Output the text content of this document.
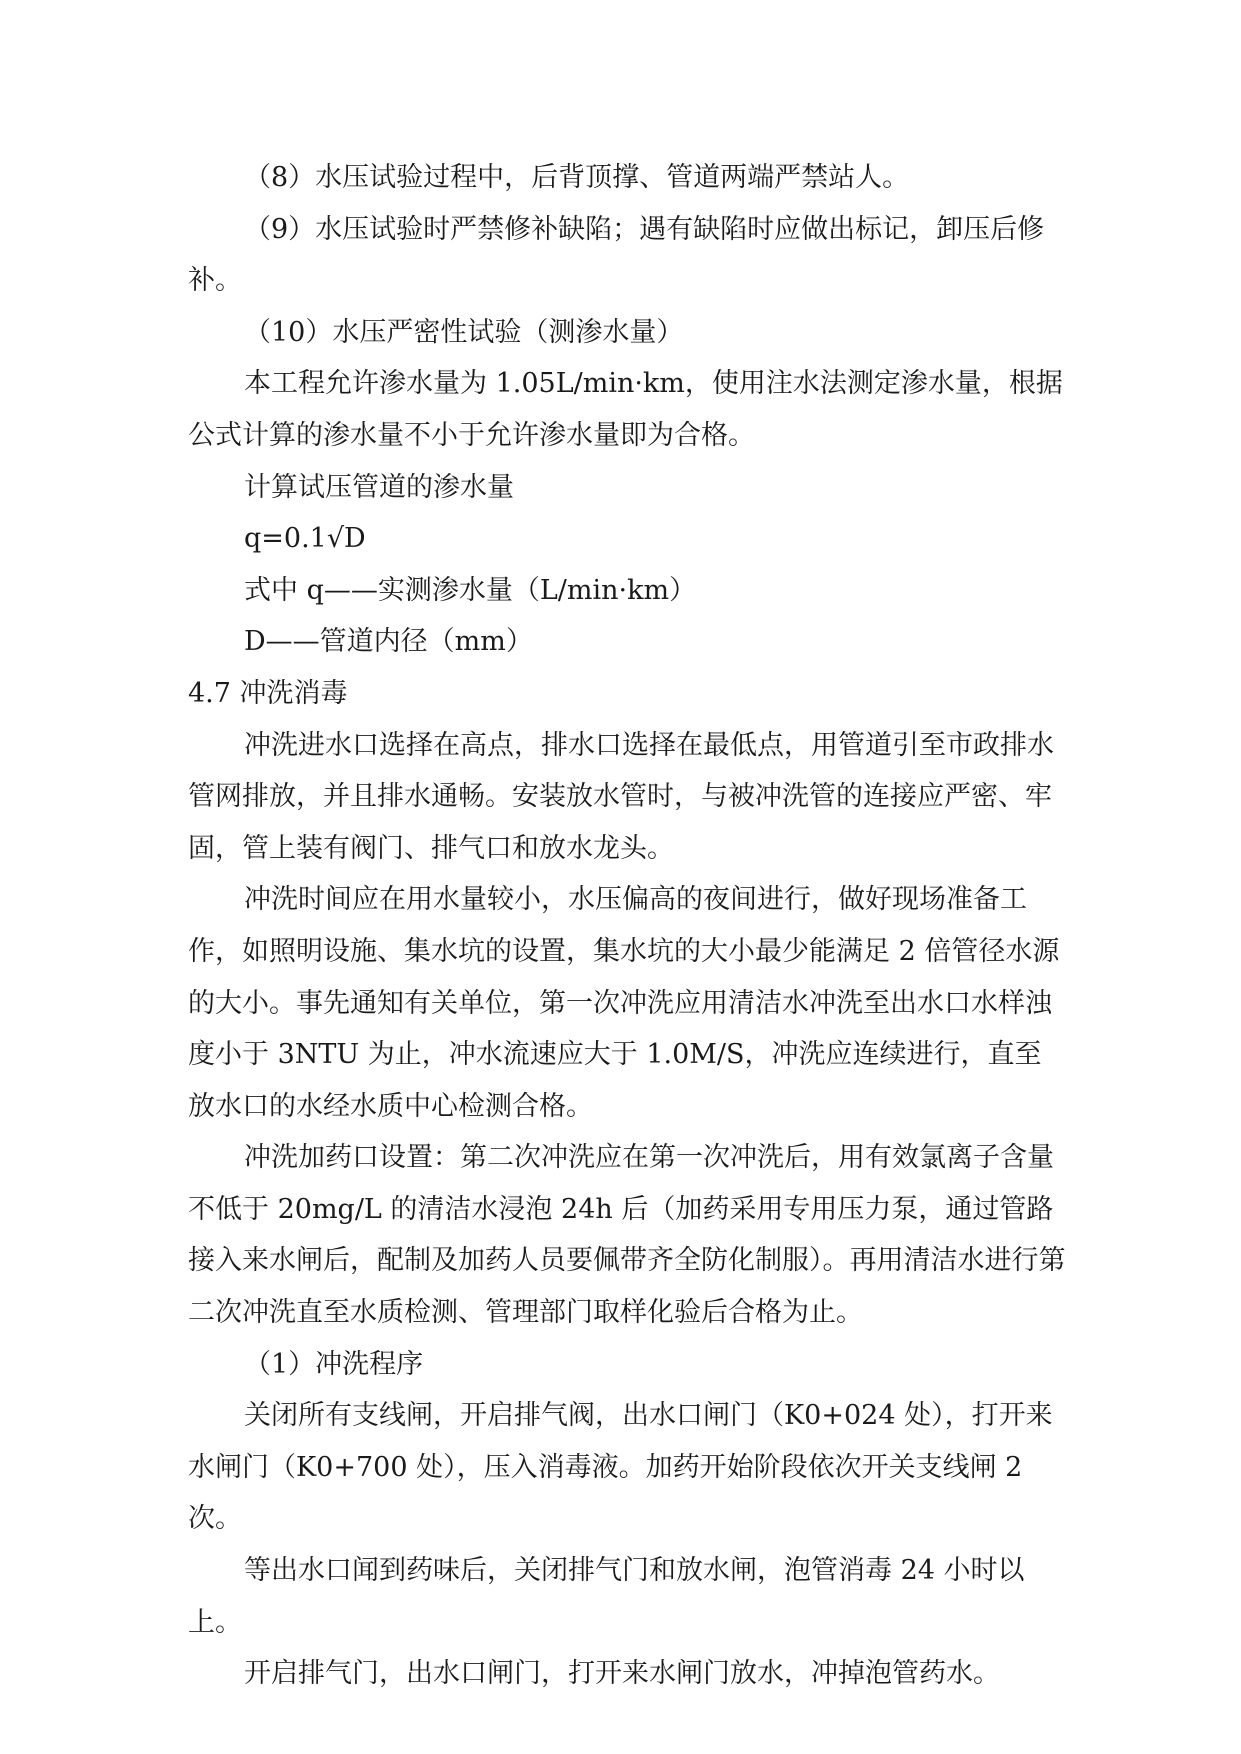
（8）水压试验过程中，后背顶撑、管道两端严禁站人。

（9）水压试验时严禁修补缺陷；遇有缺陷时应做出标记，卸压后修补。

（10）水压严密性试验（测渗水量）

本工程允许渗水量为 1.05L/min·km，使用注水法测定渗水量，根据公式计算的渗水量不小于允许渗水量即为合格。

计算试压管道的渗水量

q=0.1√D

式中 q——实测渗水量（L/min·km）

D——管道内径（mm）

4.7 冲洗消毒

冲洗进水口选择在高点，排水口选择在最低点，用管道引至市政排水管网排放，并且排水通畅。安装放水管时，与被冲洗管的连接应严密、牢固，管上装有阀门、排气口和放水龙头。

冲洗时间应在用水量较小，水压偏高的夜间进行，做好现场准备工作，如照明设施、集水坑的设置，集水坑的大小最少能满足 2 倍管径水源的大小。事先通知有关单位，第一次冲洗应用清洁水冲洗至出水口水样浊度小于 3NTU 为止，冲水流速应大于 1.0M/S，冲洗应连续进行，直至放水口的水经水质中心检测合格。

冲洗加药口设置：第二次冲洗应在第一次冲洗后，用有效氯离子含量不低于 20mg/L 的清洁水浸泡 24h 后（加药采用专用压力泵，通过管路接入来水闸后，配制及加药人员要佩带齐全防化制服）。再用清洁水进行第二次冲洗直至水质检测、管理部门取样化验后合格为止。

（1）冲洗程序

关闭所有支线闸，开启排气阀，出水口闸门（K0+024 处），打开来水闸门（K0+700 处），压入消毒液。加药开始阶段依次开关支线闸 2 次。

等出水口闻到药味后，关闭排气门和放水闸，泡管消毒 24 小时以上。

开启排气门，出水口闸门，打开来水闸门放水，冲掉泡管药水。
